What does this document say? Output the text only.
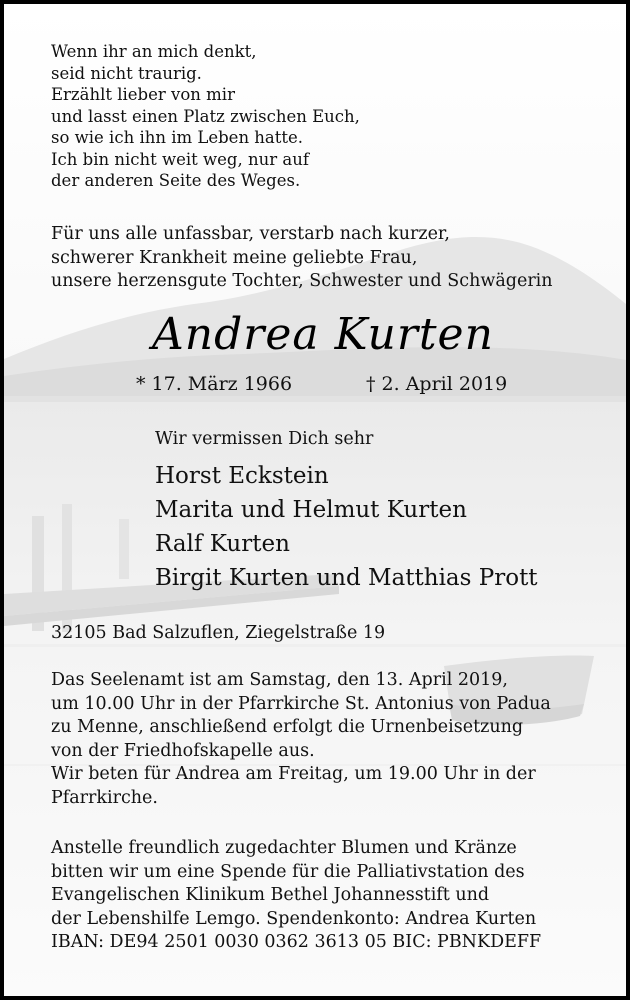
Wenn ihr an mich denkt,
seid nicht traurig.
Erzählt lieber von mir
und lasst einen Platz zwischen Euch,
so wie ich ihn im Leben hatte.
Ich bin nicht weit weg, nur auf
der anderen Seite des Weges.
Für uns alle unfassbar, verstarb nach kurzer,
schwerer Krankheit meine geliebte Frau,
unsere herzensgute Tochter, Schwester und Schwägerin
Andrea Kurten
* 17. März 1966	† 2. April 2019
Wir vermissen Dich sehr
Horst Eckstein
Marita und Helmut Kurten
Ralf Kurten
Birgit Kurten und Matthias Prott
32105 Bad Salzuflen, Ziegelstraße 19
Das Seelenamt ist am Samstag, den 13. April 2019,
um 10.00 Uhr in der Pfarrkirche St. Antonius von Padua
zu Menne, anschließend erfolgt die Urnenbeisetzung
von der Friedhofskapelle aus.
Wir beten für Andrea am Freitag, um 19.00 Uhr in der
Pfarrkirche.
Anstelle freundlich zugedachter Blumen und Kränze
bitten wir um eine Spende für die Palliativstation des
Evangelischen Klinikum Bethel Johannesstift und
der Lebenshilfe Lemgo. Spendenkonto: Andrea Kurten
IBAN: DE94 2501 0030 0362 3613 05 BIC: PBNKDEFF
